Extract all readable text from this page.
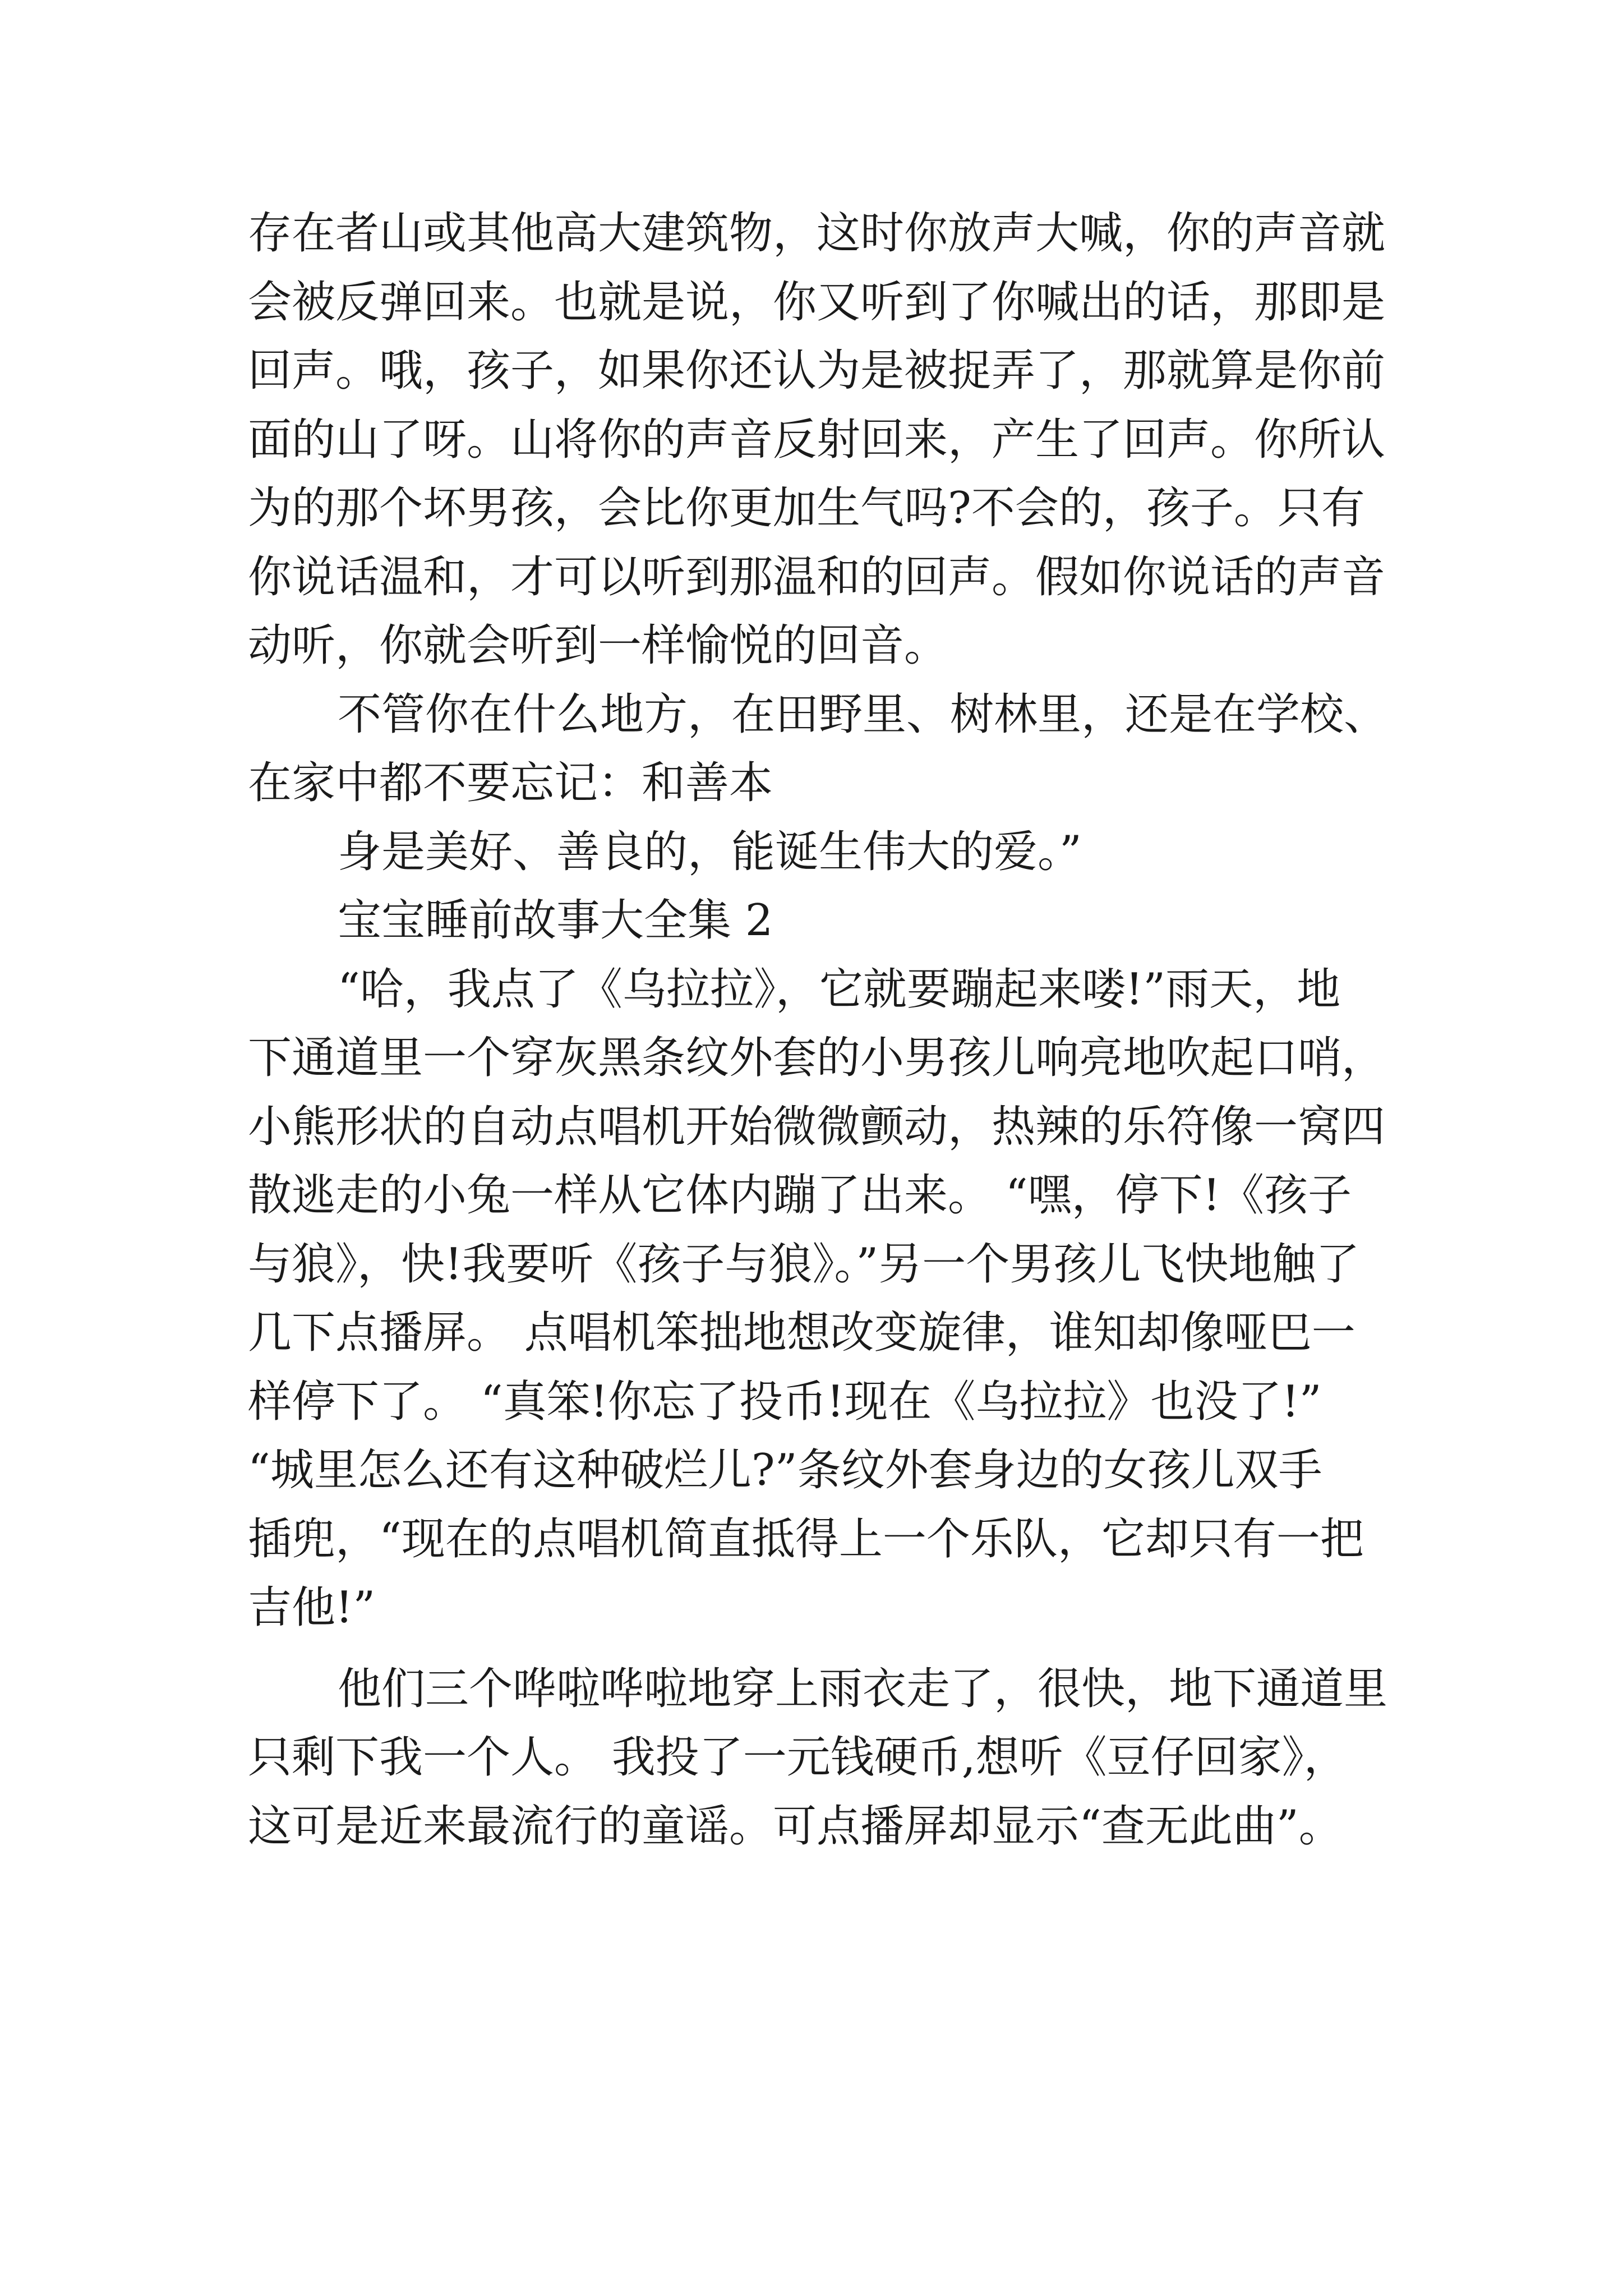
存在者山或其他高大建筑物，这时你放声大喊，你的声音就
会被反弹回来。也就是说，你又听到了你喊出的话，那即是
回声。哦，孩子，如果你还认为是被捉弄了，那就算是你前
面的山了呀。山将你的声音反射回来，产生了回声。你所认
为的那个坏男孩，会比你更加生气吗?不会的，孩子。只有
你说话温和，才可以听到那温和的回声。假如你说话的声音
动听，你就会听到一样愉悦的回音。
不管你在什么地方，在田野里、树林里，还是在学校、
在家中都不要忘记：和善本
身是美好、善良的，能诞生伟大的爱。”
宝宝睡前故事大全集 2
“哈，我点了《乌拉拉》，它就要蹦起来喽!”雨天，地
下通道里一个穿灰黑条纹外套的小男孩儿响亮地吹起口哨，
小熊形状的自动点唱机开始微微颤动，热辣的乐符像一窝四
散逃走的小兔一样从它体内蹦了出来。 “嘿，停下!《孩子
与狼》，快!我要听《孩子与狼》。”另一个男孩儿飞快地触了
几下点播屏。 点唱机笨拙地想改变旋律，谁知却像哑巴一
样停下了。 “真笨!你忘了投币!现在《乌拉拉》也没了!”
“城里怎么还有这种破烂儿?”条纹外套身边的女孩儿双手
插兜，“现在的点唱机简直抵得上一个乐队，它却只有一把
吉他!”
他们三个哗啦哗啦地穿上雨衣走了，很快，地下通道里
只剩下我一个人。 我投了一元钱硬币,想听《豆仔回家》，
这可是近来最流行的童谣。可点播屏却显示“查无此曲”。
